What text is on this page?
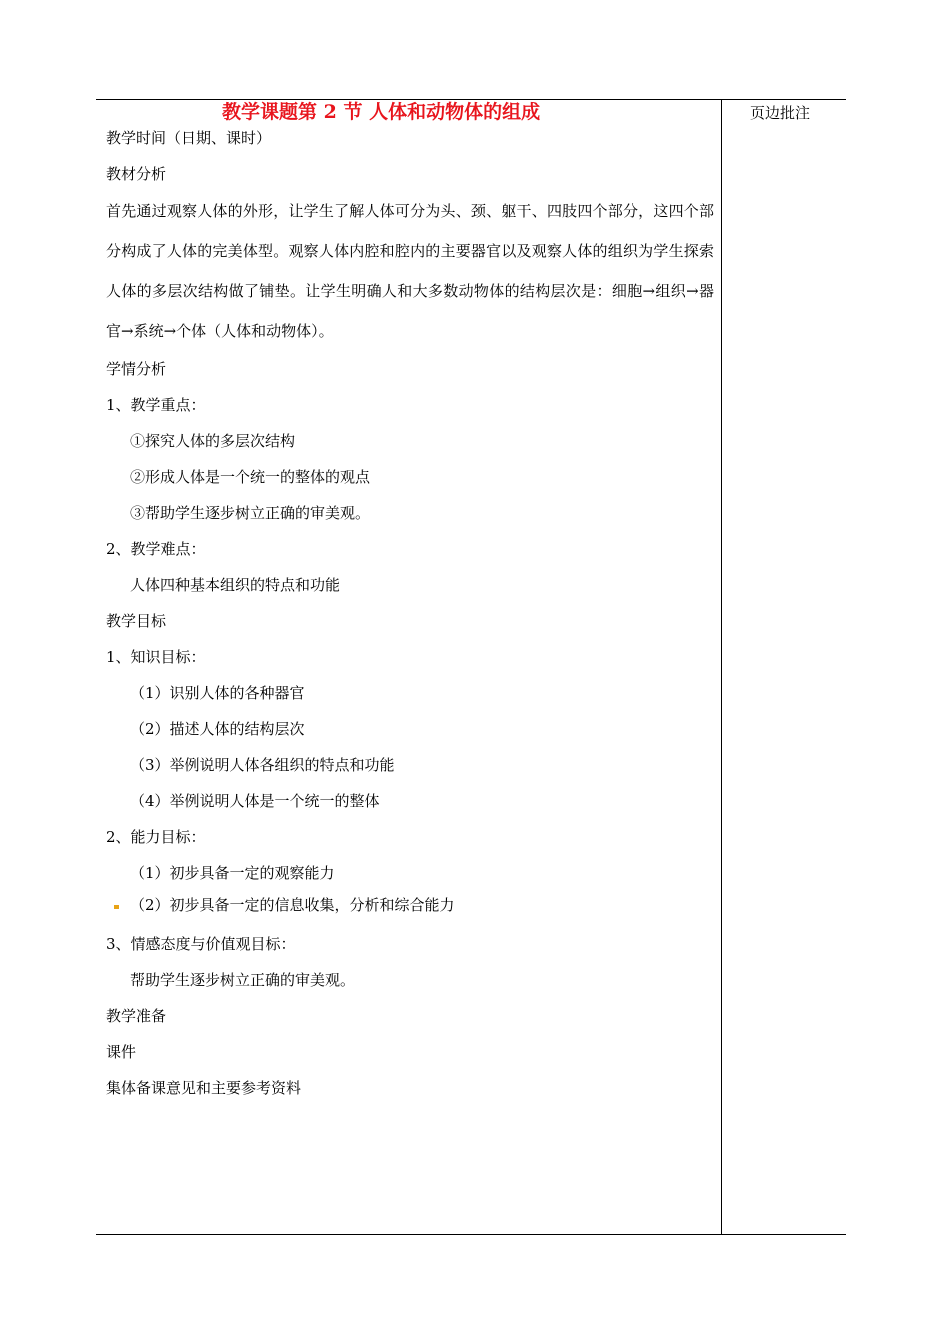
页边批注
教学课题第 2 节 人体和动物体的组成
教学时间（日期、课时）
教材分析
首先通过观察人体的外形，让学生了解人体可分为头、颈、躯干、四肢四个部分，这四个部分构成了人体的完美体型。观察人体内腔和腔内的主要器官以及观察人体的组织为学生探索人体的多层次结构做了铺垫。让学生明确人和大多数动物体的结构层次是：细胞→组织→器官→系统→个体（人体和动物体）。
学情分析
1、教学重点：
①探究人体的多层次结构
②形成人体是一个统一的整体的观点
③帮助学生逐步树立正确的审美观。
2、教学难点：
人体四种基本组织的特点和功能
教学目标
1、知识目标：
（1）识别人体的各种器官
（2）描述人体的结构层次
（3）举例说明人体各组织的特点和功能
（4）举例说明人体是一个统一的整体
2、能力目标：
（1）初步具备一定的观察能力
（2）初步具备一定的信息收集，分析和综合能力
3、情感态度与价值观目标：
帮助学生逐步树立正确的审美观。
教学准备
课件
集体备课意见和主要参考资料
